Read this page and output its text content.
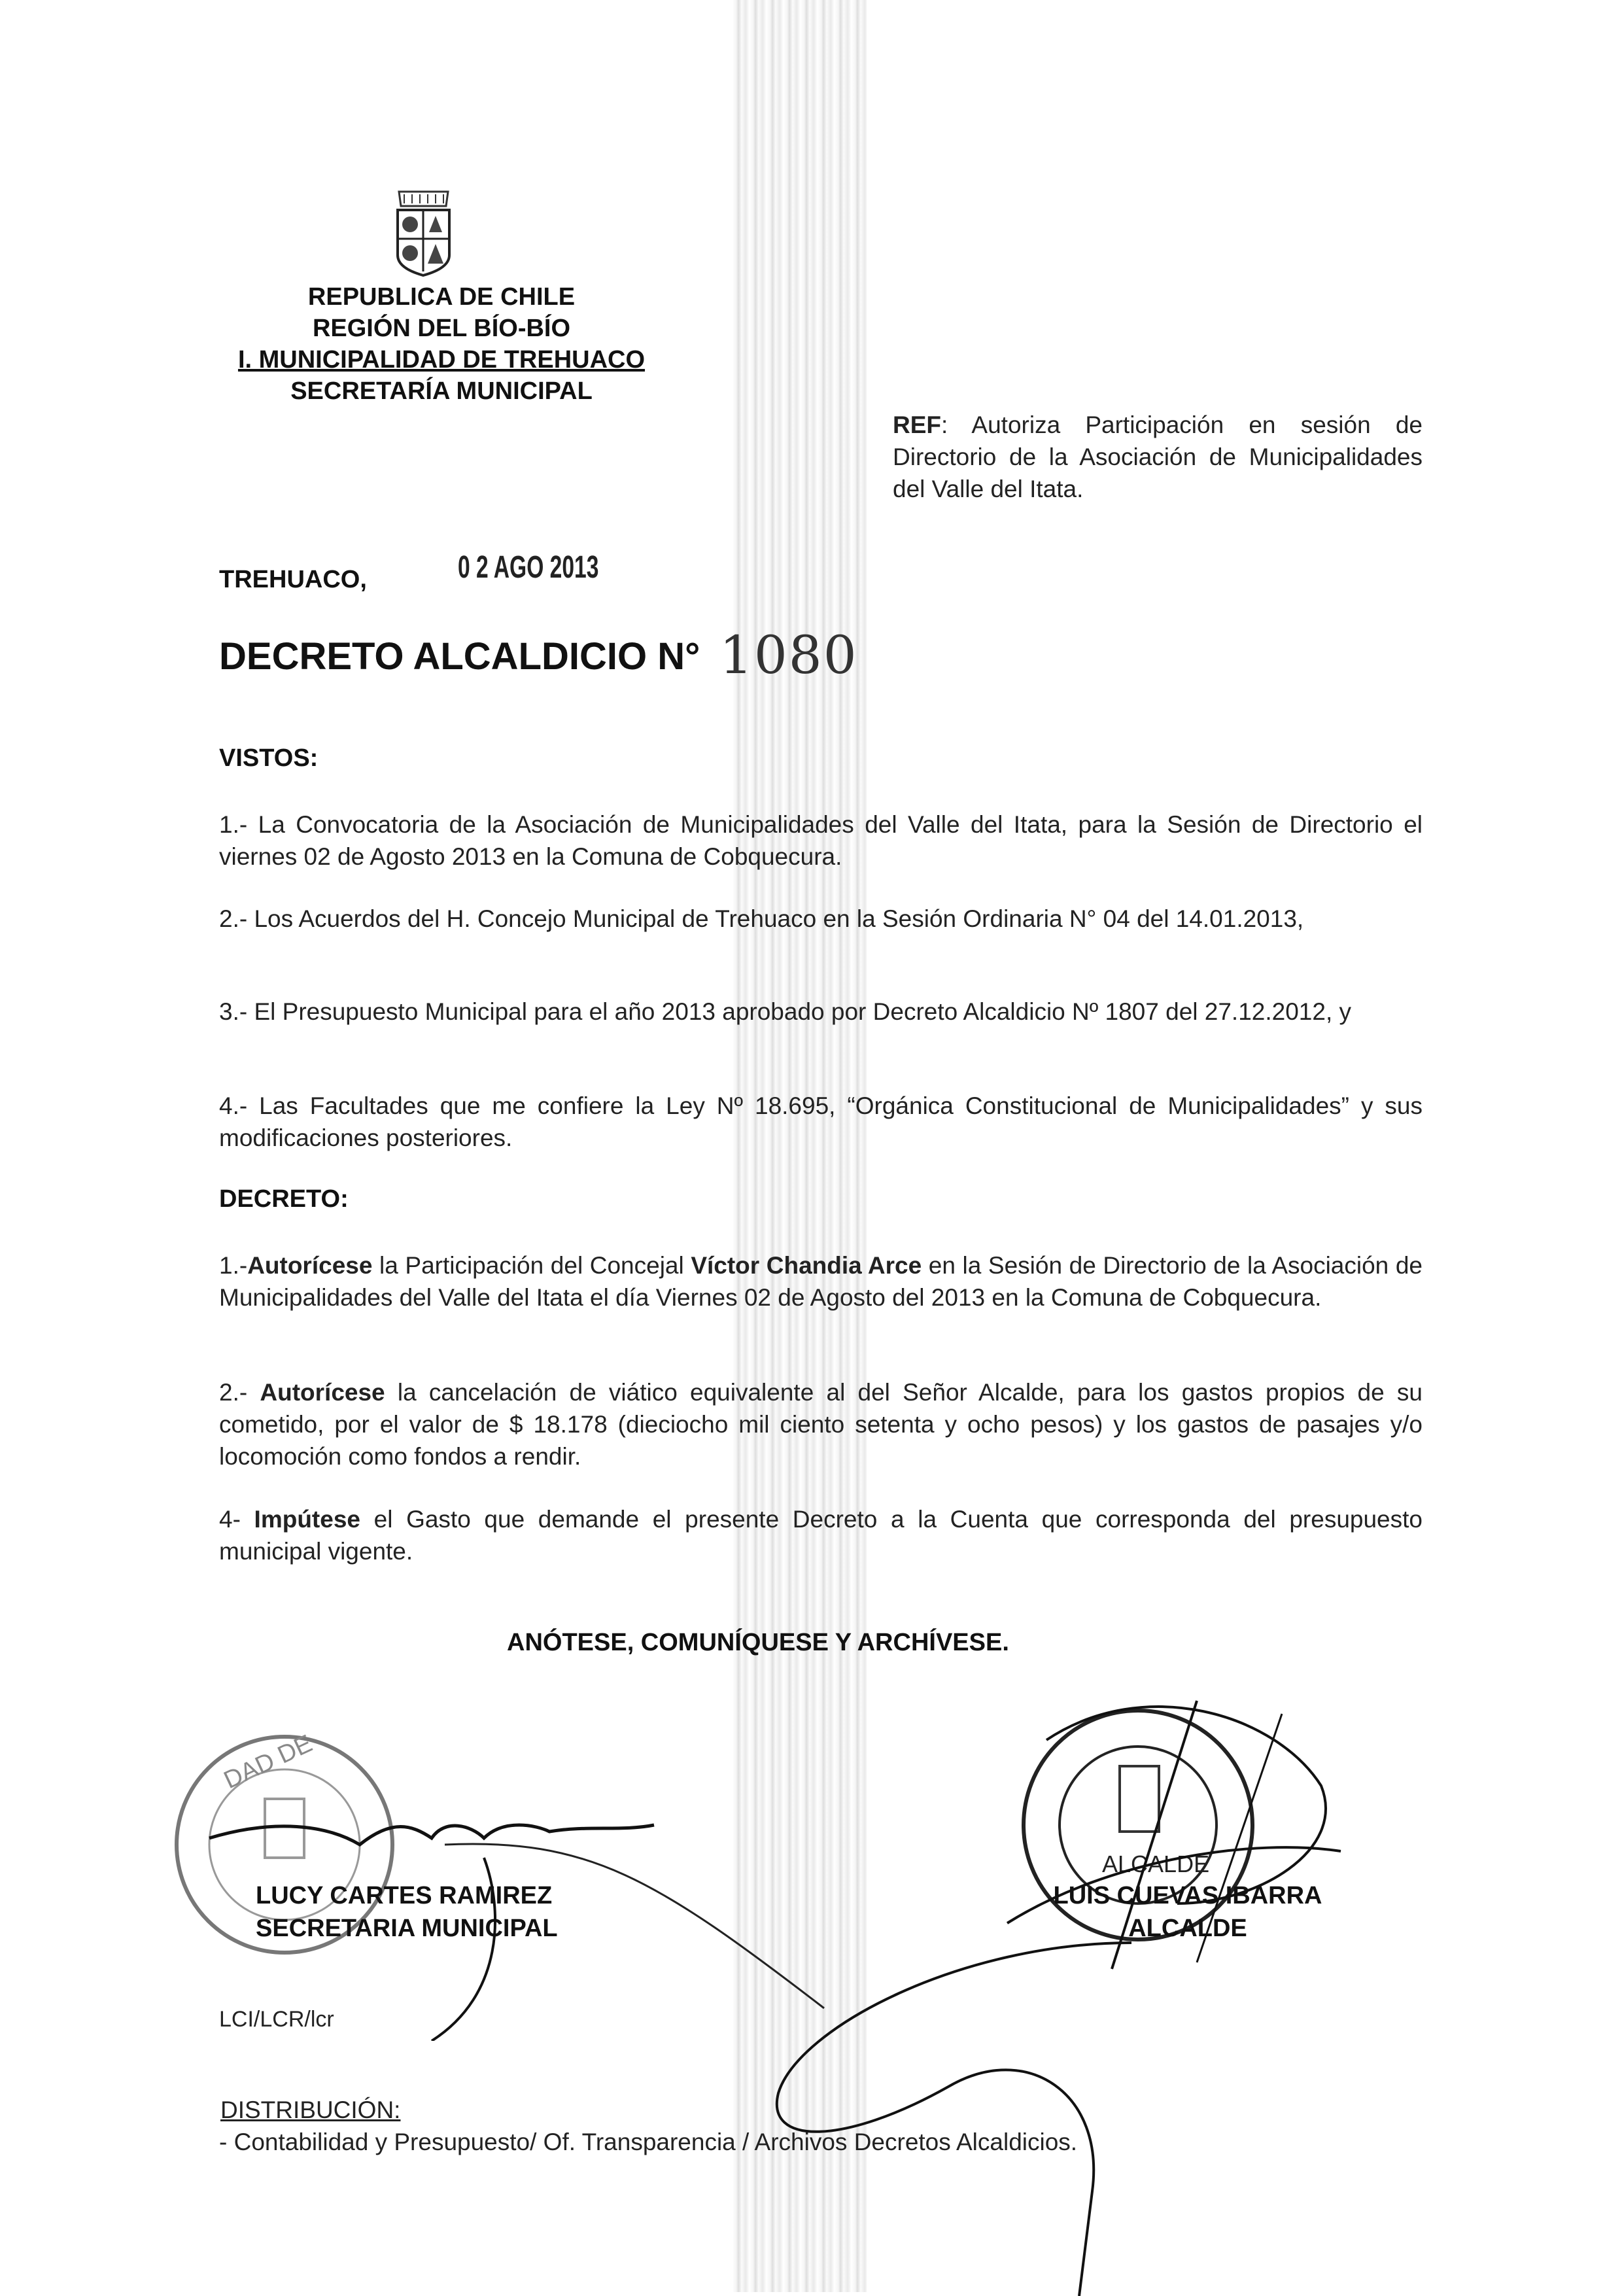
REPUBLICA DE CHILE
REGIÓN DEL BÍO-BÍO
I. MUNICIPALIDAD DE TREHUACO
SECRETARÍA MUNICIPAL
REF: Autoriza Participación en sesión de Directorio de la Asociación de Municipalidades del Valle del Itata.
TREHUACO,	0 2 AGO 2013
DECRETO ALCALDICIO N° 1080
VISTOS:
1.- La Convocatoria de la Asociación de Municipalidades del Valle del Itata, para la Sesión de Directorio el viernes 02 de Agosto 2013 en la Comuna de Cobquecura.
2.- Los Acuerdos del H. Concejo Municipal de Trehuaco en la Sesión Ordinaria N° 04 del 14.01.2013,
3.- El Presupuesto Municipal para el año 2013 aprobado por Decreto Alcaldicio Nº 1807 del 27.12.2012, y
4.- Las Facultades que me confiere la Ley Nº 18.695, “Orgánica Constitucional de Municipalidades” y sus modificaciones posteriores.
DECRETO:
1.-Autorícese la Participación del Concejal Víctor Chandia Arce en la Sesión de Directorio de la Asociación de Municipalidades del Valle del Itata el día Viernes 02 de Agosto del 2013 en la Comuna de Cobquecura.
2.- Autorícese la cancelación de viático equivalente al del Señor Alcalde, para los gastos propios de su cometido, por el valor de $ 18.178 (dieciocho mil ciento setenta y ocho pesos) y los gastos de pasajes y/o locomoción como fondos a rendir.
4- Impútese el Gasto que demande el presente Decreto a la Cuenta que corresponda del presupuesto municipal vigente.
ANÓTESE, COMUNÍQUESE Y ARCHÍVESE.
DAD DE
ALCALDE
LUCY CARTES RAMIREZ
SECRETARIA MUNICIPAL
LUIS CUEVAS IBARRA
ALCALDE
LCI/LCR/lcr
DISTRIBUCIÓN:
- Contabilidad y Presupuesto/ Of. Transparencia / Archivos Decretos Alcaldicios.
